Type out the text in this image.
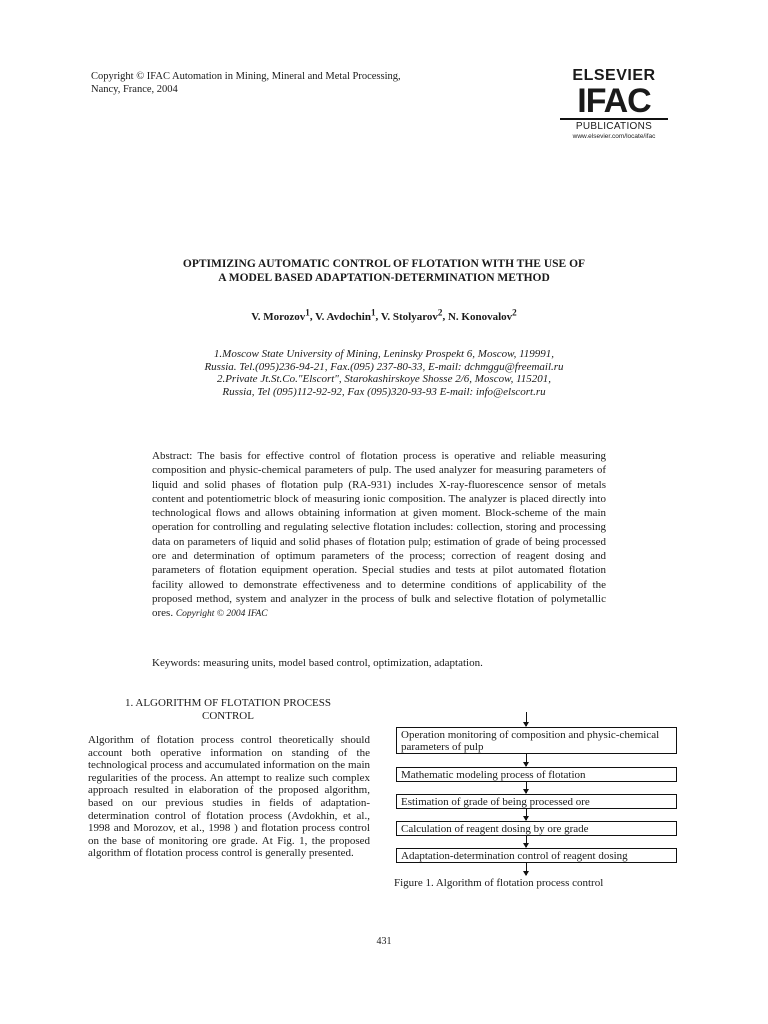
Copyright © IFAC Automation in Mining, Mineral and Metal Processing,
Nancy, France, 2004
ELSEVIER
IFAC
PUBLICATIONS
www.elsevier.com/locate/ifac
OPTIMIZING AUTOMATIC CONTROL OF FLOTATION WITH THE USE OF
A MODEL BASED ADAPTATION-DETERMINATION METHOD
V. Morozov$^1$, V. Avdochin$^1$, V. Stolyarov$^2$, N. Konovalov$^2$
1.Moscow State University of Mining, Leninsky Prospekt 6, Moscow, 119991,
Russia. Tel.(095)236-94-21, Fax.(095) 237-80-33, E-mail: dchmggu@freemail.ru
2.Private Jt.St.Co."Elscort", Starokashirskoye Shosse 2/6, Moscow, 115201,
Russia, Tel (095)112-92-92, Fax (095)320-93-93 E-mail: info@elscort.ru
Abstract: The basis for effective control of flotation process is operative and reliable measuring composition and physic-chemical parameters of pulp. The used analyzer for measuring parameters of liquid and solid phases of flotation pulp (RA-931) includes X-ray-fluorescence sensor of metals content and potentiometric block of measuring ionic composition. The analyzer is placed directly into technological flows and allows obtaining information at given moment. Block-scheme of the main operation for controlling and regulating selective flotation includes: collection, storing and processing data on parameters of liquid and solid phases of flotation pulp; estimation of grade of being processed ore and determination of optimum parameters of the process; correction of reagent dosing and parameters of flotation equipment operation. Special studies and tests at pilot automated flotation facility allowed to demonstrate effectiveness and to determine conditions of applicability of the proposed method, system and analyzer in the process of bulk and selective flotation of polymetallic ores. Copyright © 2004 IFAC
Keywords: measuring units, model based control, optimization, adaptation.
1. ALGORITHM OF FLOTATION PROCESS
CONTROL
Algorithm of flotation process control theoretically should account both operative information on standing of the technological process and accumulated information on the main regularities of the process. An attempt to realize such complex approach resulted in elaboration of the proposed algorithm, based on our previous studies in fields of adaptation-determination control of flotation process (Avdokhin, et al., 1998 and Morozov, et al., 1998 ) and flotation process control on the base of monitoring ore grade. At Fig. 1, the proposed algorithm of flotation process control is generally presented.
Operation monitoring of composition and physic-chemical parameters of pulp
Mathematic modeling process of flotation
Estimation of grade of being processed ore
Calculation of reagent dosing by ore grade
Adaptation-determination control of reagent dosing
Figure 1. Algorithm of flotation process control
431
